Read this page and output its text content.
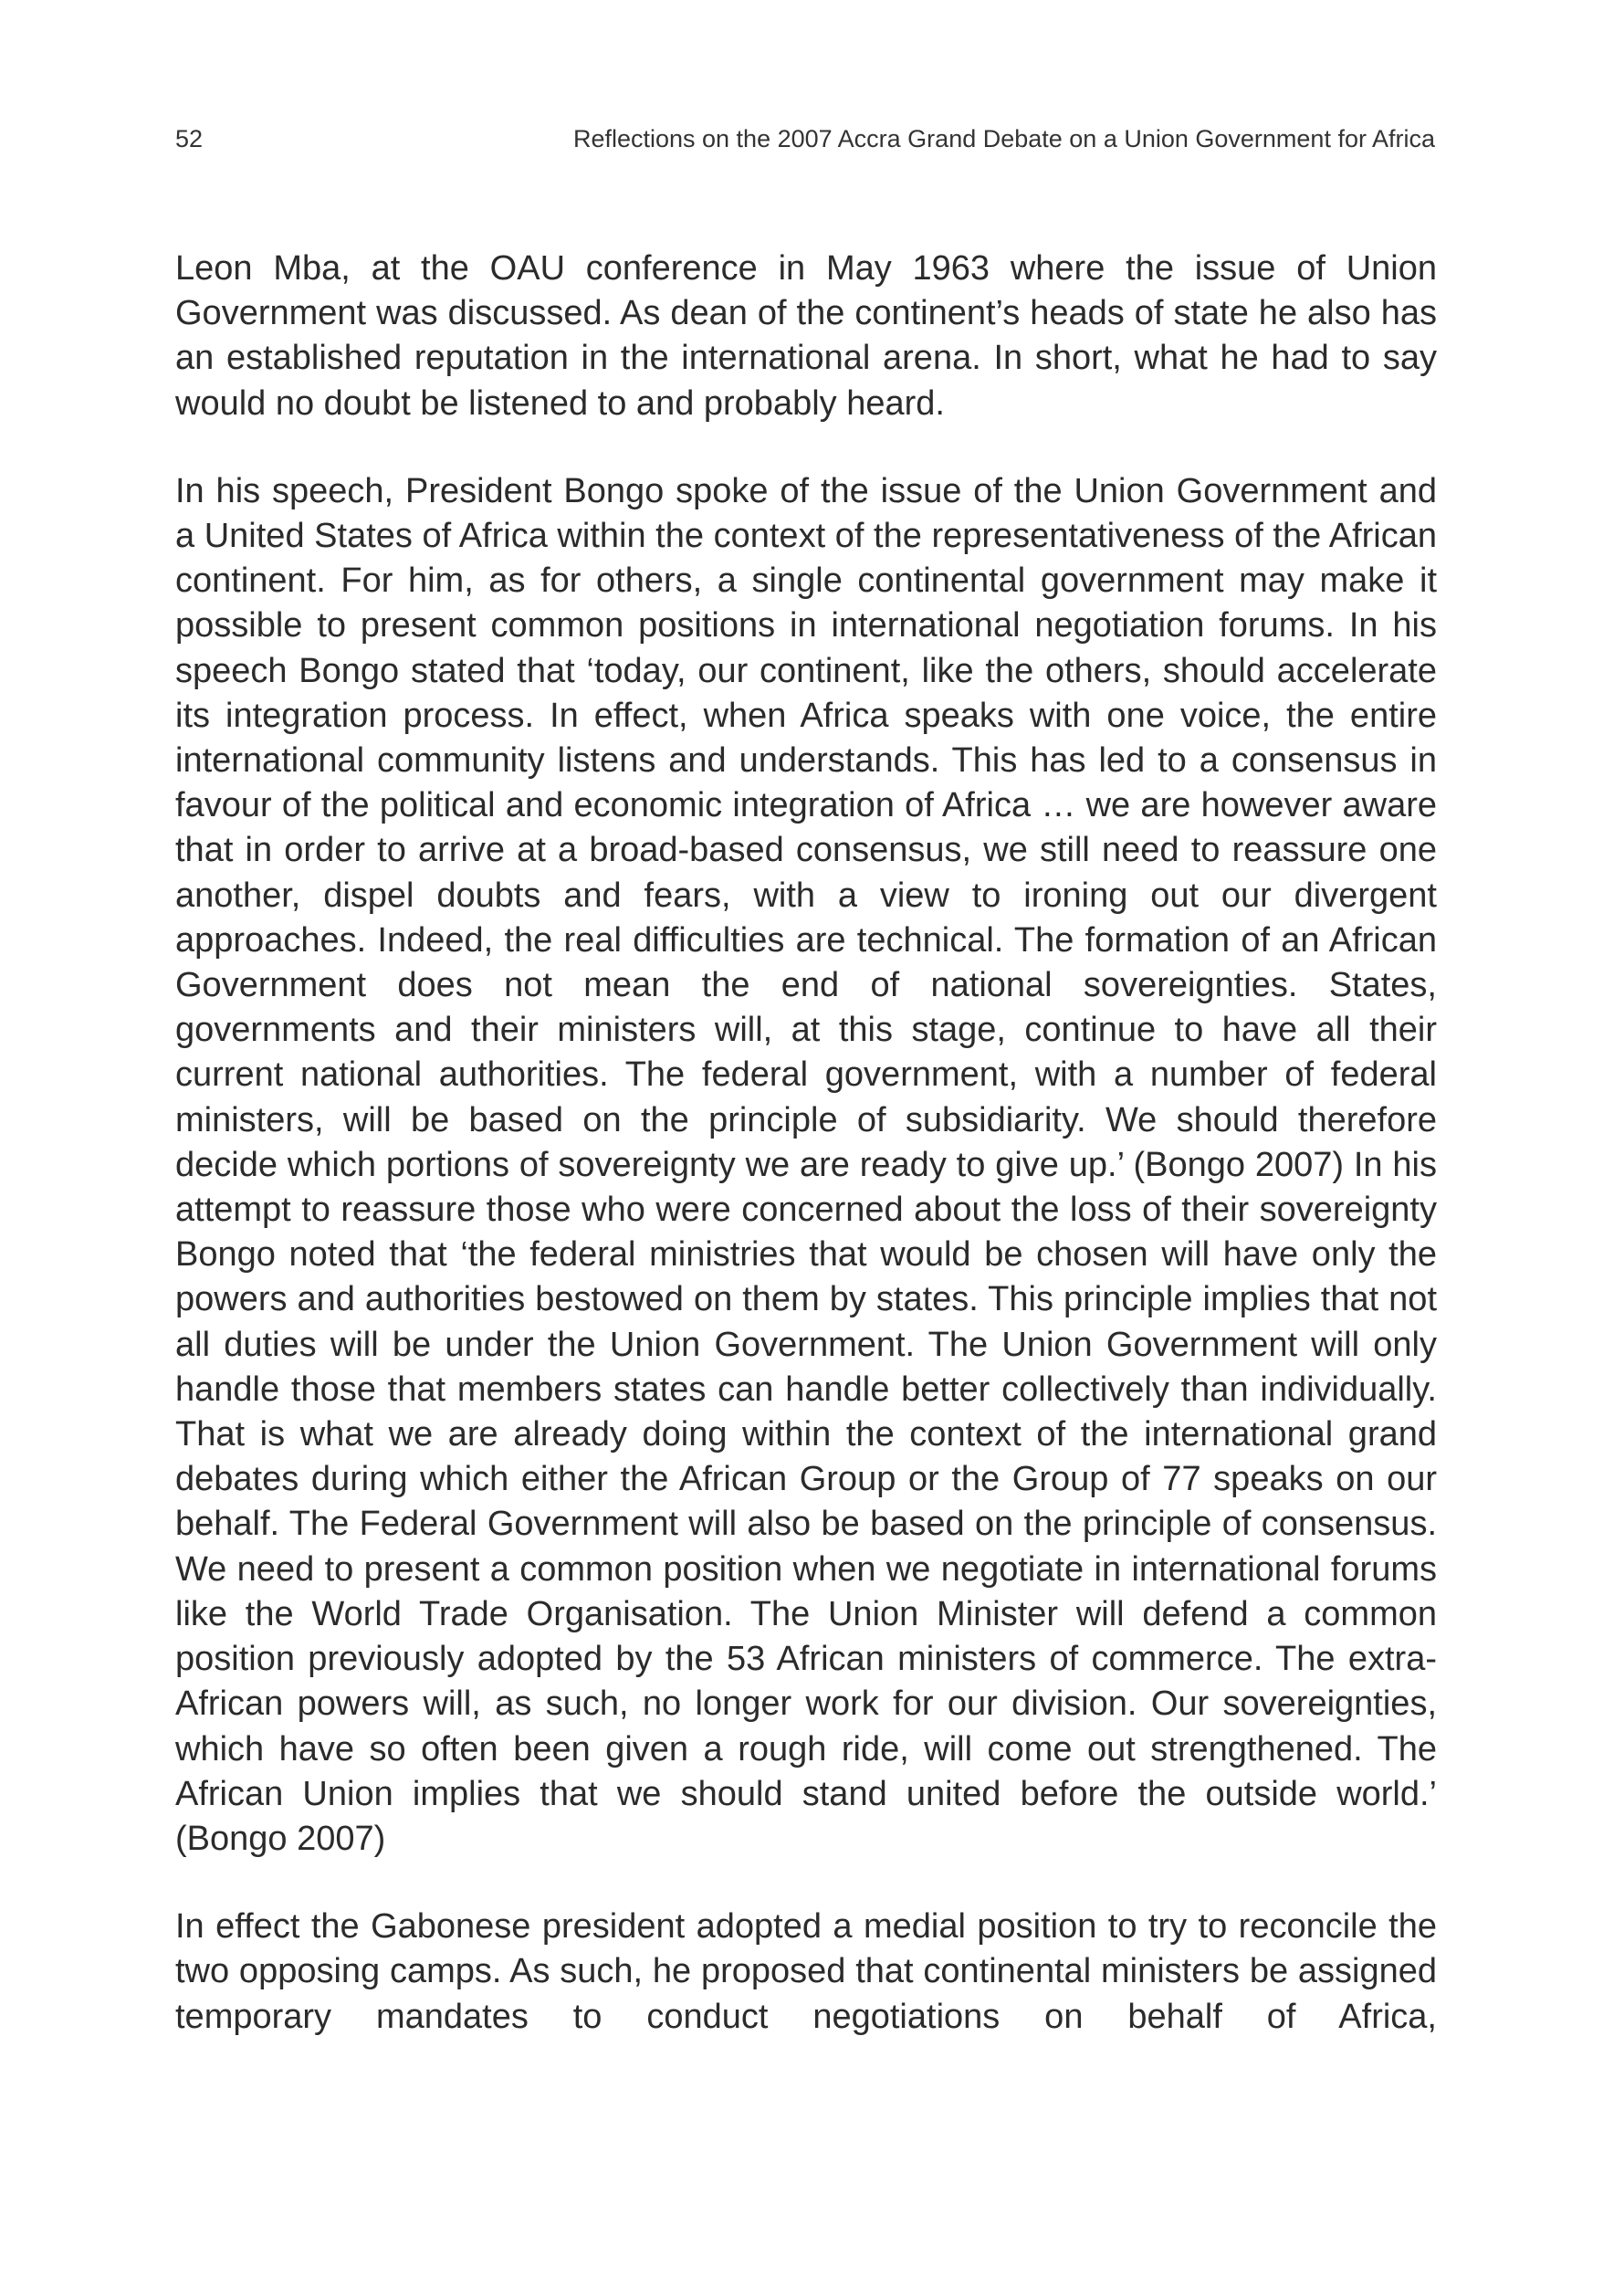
52	Reflections on the 2007 Accra Grand Debate on a Union Government for Africa

Leon Mba, at the OAU conference in May 1963 where the issue of Union Government was discussed. As dean of the continent’s heads of state he also has an established reputation in the international arena. In short, what he had to say would no doubt be listened to and probably heard.

In his speech, President Bongo spoke of the issue of the Union Government and a United States of Africa within the context of the representativeness of the African continent. For him, as for others, a single continental government may make it possible to present common positions in international negotiation forums. In his speech Bongo stated that ‘today, our continent, like the others, should accelerate its integration process. In effect, when Africa speaks with one voice, the entire international community listens and understands. This has led to a consensus in favour of the political and economic integration of Africa … we are however aware that in order to arrive at a broad-based consensus, we still need to reassure one another, dispel doubts and fears, with a view to ironing out our divergent approaches. Indeed, the real difficulties are technical. The formation of an African Government does not mean the end of national sovereignties. States, governments and their ministers will, at this stage, continue to have all their current national authorities. The federal government, with a number of federal ministers, will be based on the principle of subsidiarity. We should therefore decide which portions of sovereignty we are ready to give up.’ (Bongo 2007) In his attempt to reassure those who were concerned about the loss of their sovereignty Bongo noted that ‘the federal ministries that would be chosen will have only the powers and authorities bestowed on them by states. This principle implies that not all duties will be under the Union Government. The Union Government will only handle those that members states can handle better collectively than individually. That is what we are already doing within the context of the international grand debates during which either the African Group or the Group of 77 speaks on our behalf. The Federal Government will also be based on the principle of consensus. We need to present a common position when we negotiate in international forums like the World Trade Organisation. The Union Minister will defend a common position previously adopted by the 53 African ministers of commerce. The extra-African powers will, as such, no longer work for our division. Our sovereignties, which have so often been given a rough ride, will come out strengthened. The African Union implies that we should stand united before the outside world.’ (Bongo 2007)

In effect the Gabonese president adopted a medial position to try to reconcile the two opposing camps. As such, he proposed that continental ministers be assigned temporary mandates to conduct negotiations on behalf of Africa,
